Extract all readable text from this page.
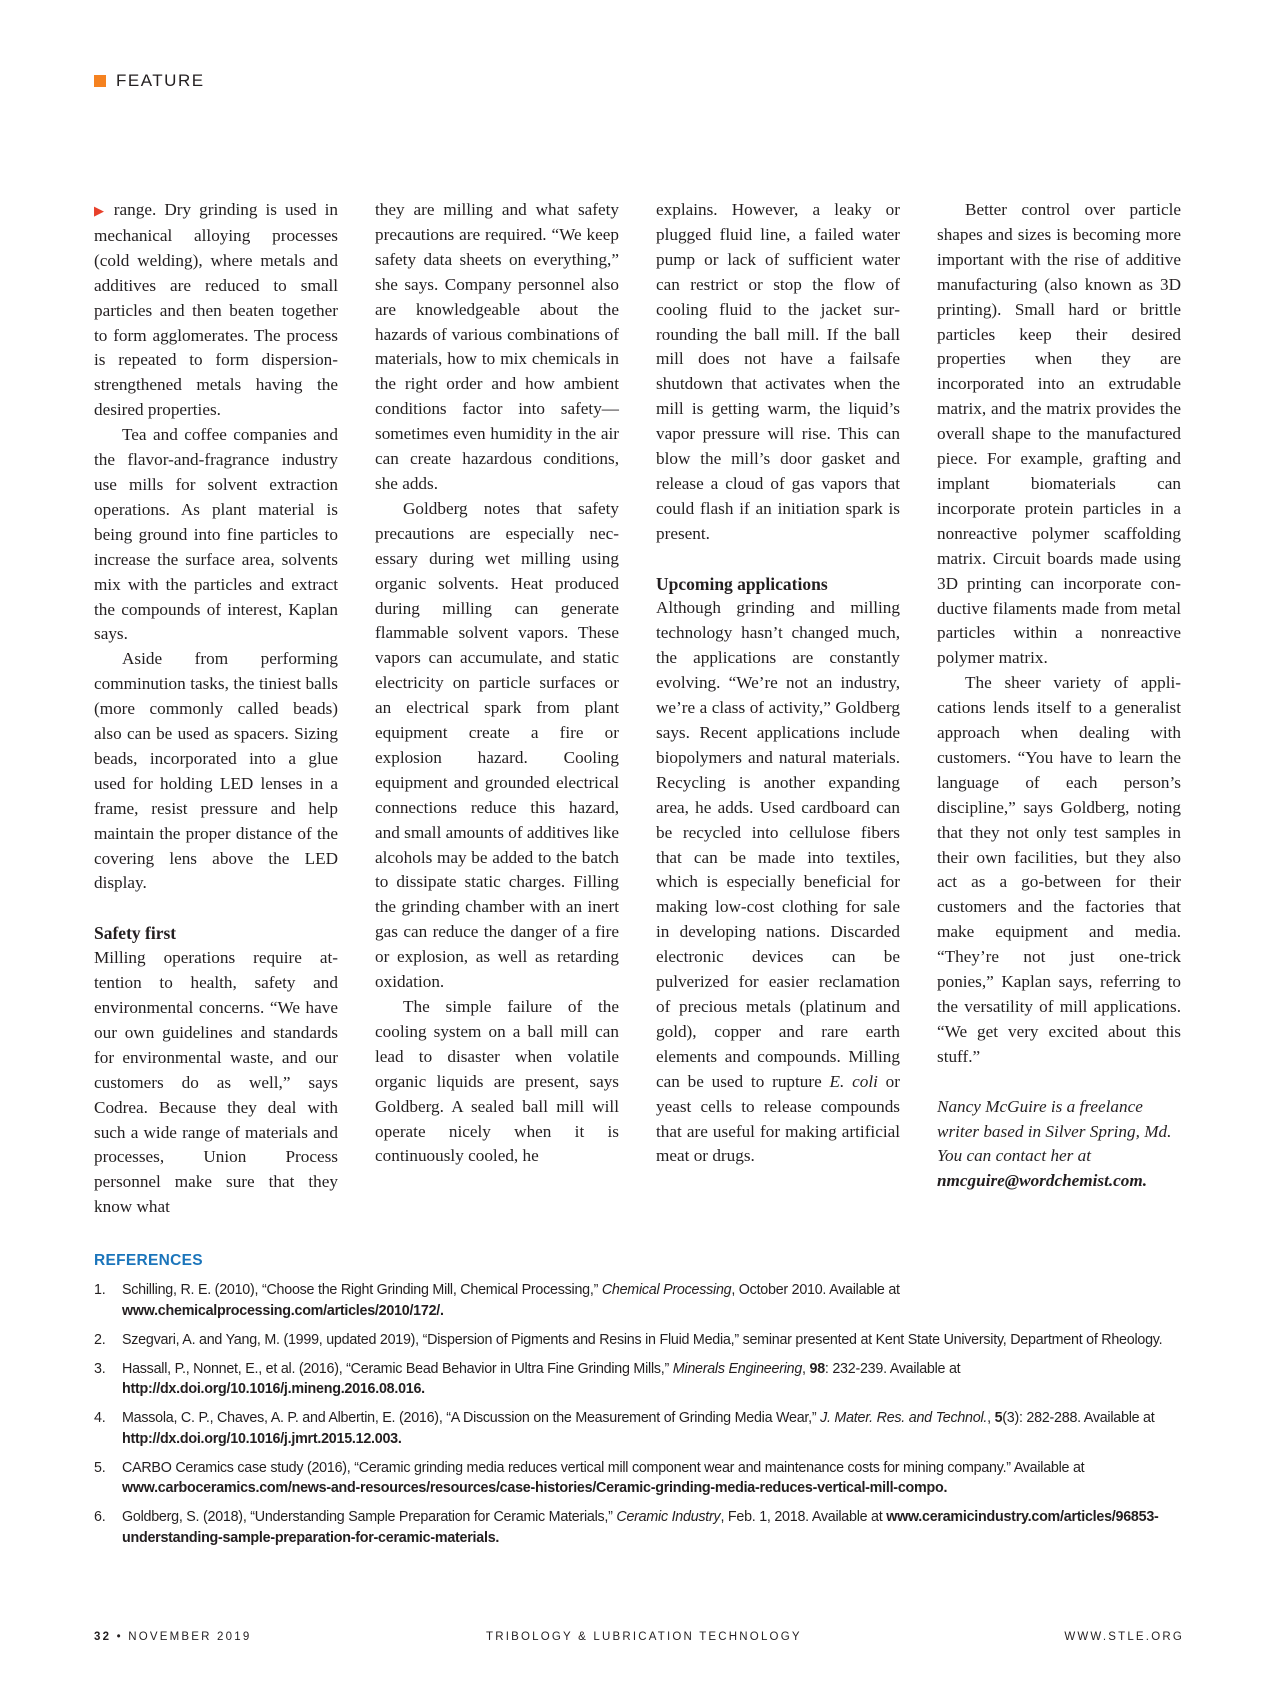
FEATURE

▶ range. Dry grinding is used in mechanical alloying processes (cold welding), where metals and additives are reduced to small particles and then beaten together to form agglomerates. The process is repeated to form dispersion-strengthened metals having the desired properties.

Tea and coffee companies and the flavor-and-fragrance industry use mills for solvent extraction operations. As plant material is being ground into fine particles to increase the surface area, solvents mix with the particles and extract the compounds of interest, Kaplan says.

Aside from performing comminution tasks, the tiniest balls (more commonly called beads) also can be used as spacers. Sizing beads, incorporated into a glue used for holding LED lenses in a frame, resist pressure and help maintain the proper distance of the covering lens above the LED display.

Safety first

Milling operations require attention to health, safety and environmental concerns. “We have our own guidelines and standards for environmental waste, and our customers do as well,” says Codrea. Because they deal with such a wide range of materials and processes, Union Process personnel make sure that they know what

they are milling and what safety precautions are required. “We keep safety data sheets on everything,” she says. Company personnel also are knowledgeable about the hazards of various combinations of materials, how to mix chemicals in the right order and how ambient conditions factor into safety—sometimes even humidity in the air can create hazardous conditions, she adds.

Goldberg notes that safety precautions are especially necessary during wet milling using organic solvents. Heat produced during milling can generate flammable solvent vapors. These vapors can accumulate, and static electricity on particle surfaces or an electrical spark from plant equipment create a fire or explosion hazard. Cooling equipment and grounded electrical connections reduce this hazard, and small amounts of additives like alcohols may be added to the batch to dissipate static charges. Filling the grinding chamber with an inert gas can reduce the danger of a fire or explosion, as well as retarding oxidation.

The simple failure of the cooling system on a ball mill can lead to disaster when volatile organic liquids are present, says Goldberg. A sealed ball mill will operate nicely when it is continuously cooled, he

explains. However, a leaky or plugged fluid line, a failed water pump or lack of sufficient water can restrict or stop the flow of cooling fluid to the jacket surrounding the ball mill. If the ball mill does not have a failsafe shutdown that activates when the mill is getting warm, the liquid’s vapor pressure will rise. This can blow the mill’s door gasket and release a cloud of gas vapors that could flash if an initiation spark is present.

Upcoming applications

Although grinding and milling technology hasn’t changed much, the applications are constantly evolving. “We’re not an industry, we’re a class of activity,” Goldberg says. Recent applications include biopolymers and natural materials. Recycling is another expanding area, he adds. Used cardboard can be recycled into cellulose fibers that can be made into textiles, which is especially beneficial for making low-cost clothing for sale in developing nations. Discarded electronic devices can be pulverized for easier reclamation of precious metals (platinum and gold), copper and rare earth elements and compounds. Milling can be used to rupture E. coli or yeast cells to release compounds that are useful for making artificial meat or drugs.

Better control over particle shapes and sizes is becoming more important with the rise of additive manufacturing (also known as 3D printing). Small hard or brittle particles keep their desired properties when they are incorporated into an extrudable matrix, and the matrix provides the overall shape to the manufactured piece. For example, grafting and implant biomaterials can incorporate protein particles in a nonreactive polymer scaffolding matrix. Circuit boards made using 3D printing can incorporate conductive filaments made from metal particles within a nonreactive polymer matrix.

The sheer variety of applications lends itself to a generalist approach when dealing with customers. “You have to learn the language of each person’s discipline,” says Goldberg, noting that they not only test samples in their own facilities, but they also act as a go-between for their customers and the factories that make equipment and media. “They’re not just one-trick ponies,” Kaplan says, referring to the versatility of mill applications. “We get very excited about this stuff.”

Nancy McGuire is a freelance writer based in Silver Spring, Md. You can contact her at nmcguire@wordchemist.com.

REFERENCES
1. Schilling, R. E. (2010), “Choose the Right Grinding Mill, Chemical Processing,” Chemical Processing, October 2010. Available at www.chemicalprocessing.com/articles/2010/172/.
2. Szegvari, A. and Yang, M. (1999, updated 2019), “Dispersion of Pigments and Resins in Fluid Media,” seminar presented at Kent State University, Department of Rheology.
3. Hassall, P., Nonnet, E., et al. (2016), “Ceramic Bead Behavior in Ultra Fine Grinding Mills,” Minerals Engineering, 98: 232-239. Available at http://dx.doi.org/10.1016/j.mineng.2016.08.016.
4. Massola, C. P., Chaves, A. P. and Albertin, E. (2016), “A Discussion on the Measurement of Grinding Media Wear,” J. Mater. Res. and Technol., 5(3): 282-288. Available at http://dx.doi.org/10.1016/j.jmrt.2015.12.003.
5. CARBO Ceramics case study (2016), “Ceramic grinding media reduces vertical mill component wear and maintenance costs for mining company.” Available at www.carboceramics.com/news-and-resources/resources/case-histories/Ceramic-grinding-media-reduces-vertical-mill-compo.
6. Goldberg, S. (2018), “Understanding Sample Preparation for Ceramic Materials,” Ceramic Industry, Feb. 1, 2018. Available at www.ceramicindustry.com/articles/96853-understanding-sample-preparation-for-ceramic-materials.
32 • NOVEMBER 2019	TRIBOLOGY & LUBRICATION TECHNOLOGY	WWW.STLE.ORG
